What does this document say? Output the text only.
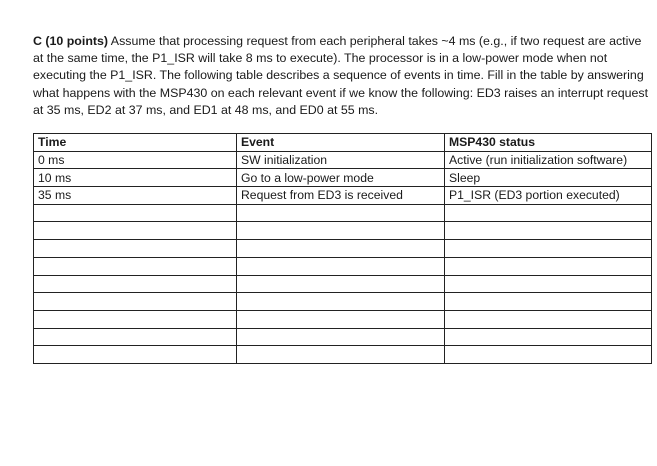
C (10 points) Assume that processing request from each peripheral takes ~4 ms (e.g., if two request are active at the same time, the P1_ISR will take 8 ms to execute). The processor is in a low-power mode when not executing the P1_ISR. The following table describes a sequence of events in time. Fill in the table by answering what happens with the MSP430 on each relevant event if we know the following: ED3 raises an interrupt request at 35 ms, ED2 at 37 ms, and ED1 at 48 ms, and ED0 at 55 ms.

Time	Event	MSP430 status
0 ms	SW initialization	Active (run initialization software)
10 ms	Go to a low-power mode	Sleep
35 ms	Request from ED3 is received	P1_ISR (ED3 portion executed)
